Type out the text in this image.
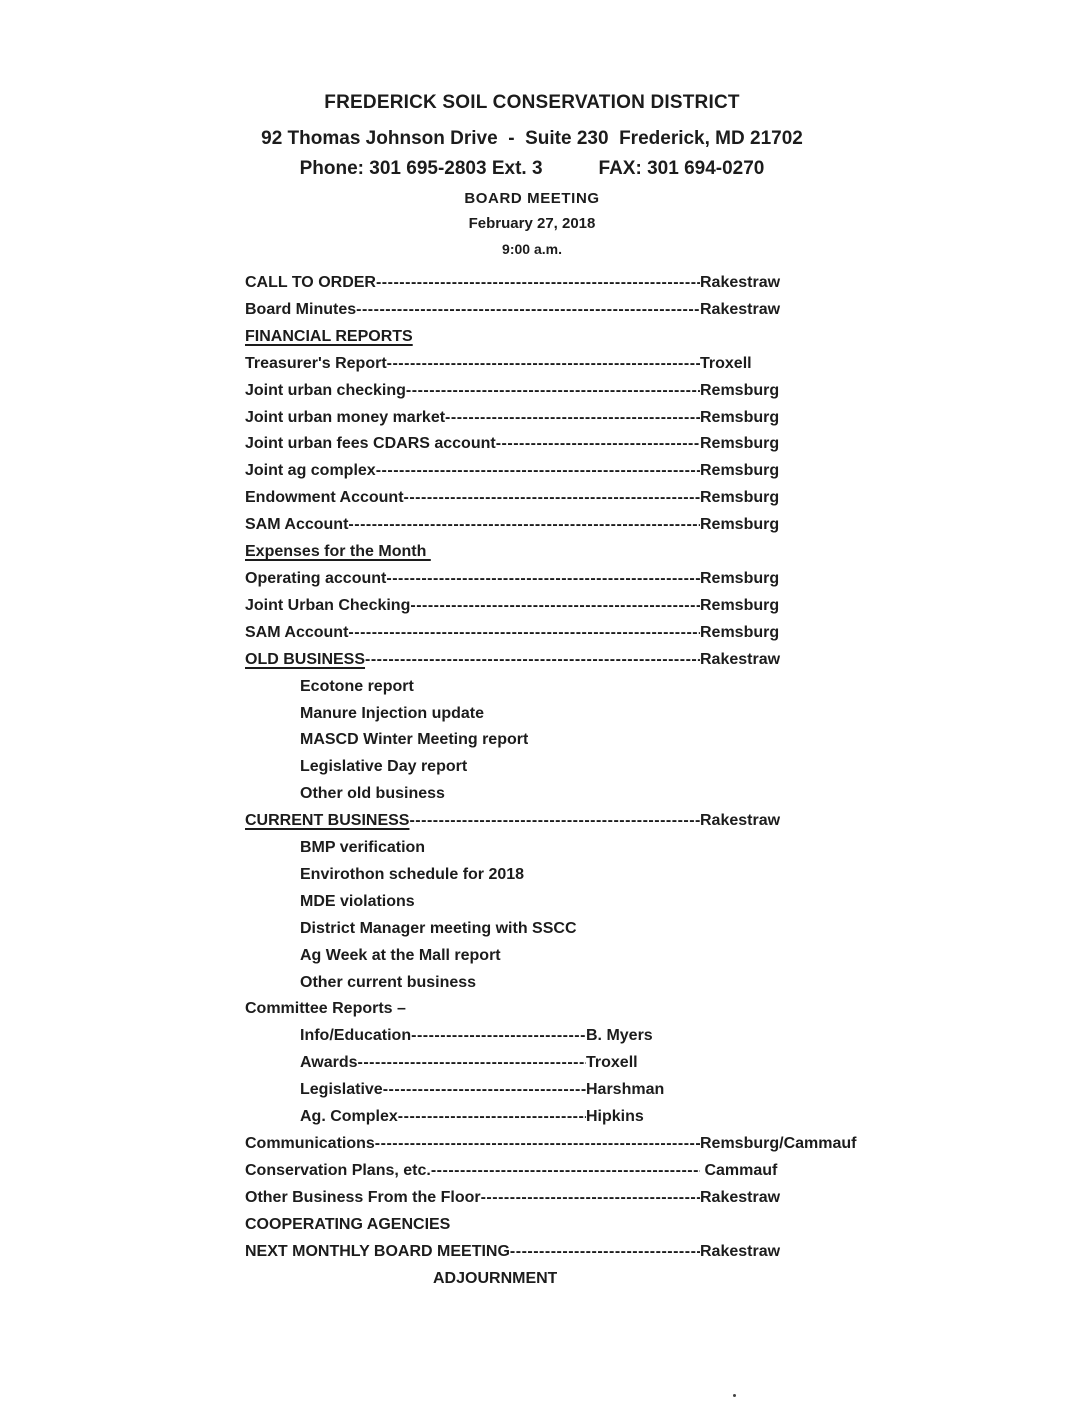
FREDERICK SOIL CONSERVATION DISTRICT
92 Thomas Johnson Drive  -  Suite 230  Frederick, MD 21702
Phone: 301 695-2803 Ext. 3	FAX: 301 694-0270
BOARD MEETING
February 27, 2018
9:00 a.m.
CALL TO ORDER -----	Rakestraw
Board Minutes -----	Rakestraw
FINANCIAL REPORTS
Treasurer's Report -----	Troxell
Joint urban checking -----	Remsburg
Joint urban money market -----	Remsburg
Joint urban fees CDARS account -----	Remsburg
Joint ag complex -----	Remsburg
Endowment Account -----	Remsburg
SAM Account -----	Remsburg
Expenses for the Month
Operating account -----	Remsburg
Joint Urban Checking -----	Remsburg
SAM Account -----	Remsburg
OLD BUSINESS -----	Rakestraw
Ecotone report
Manure Injection update
MASCD Winter Meeting report
Legislative Day report
Other old business
CURRENT BUSINESS -----	Rakestraw
BMP verification
Envirothon schedule for 2018
MDE violations
District Manager meeting with SSCC
Ag Week at the Mall report
Other current business
Committee Reports –
Info/Education -----	B. Myers
Awards -----	Troxell
Legislative -----	Harshman
Ag. Complex -----	Hipkins
Communications -----	Remsburg/Cammauf
Conservation Plans, etc. -----	Cammauf
Other Business From the Floor -----	Rakestraw
COOPERATING AGENCIES
NEXT MONTHLY BOARD MEETING -----	Rakestraw
ADJOURNMENT
